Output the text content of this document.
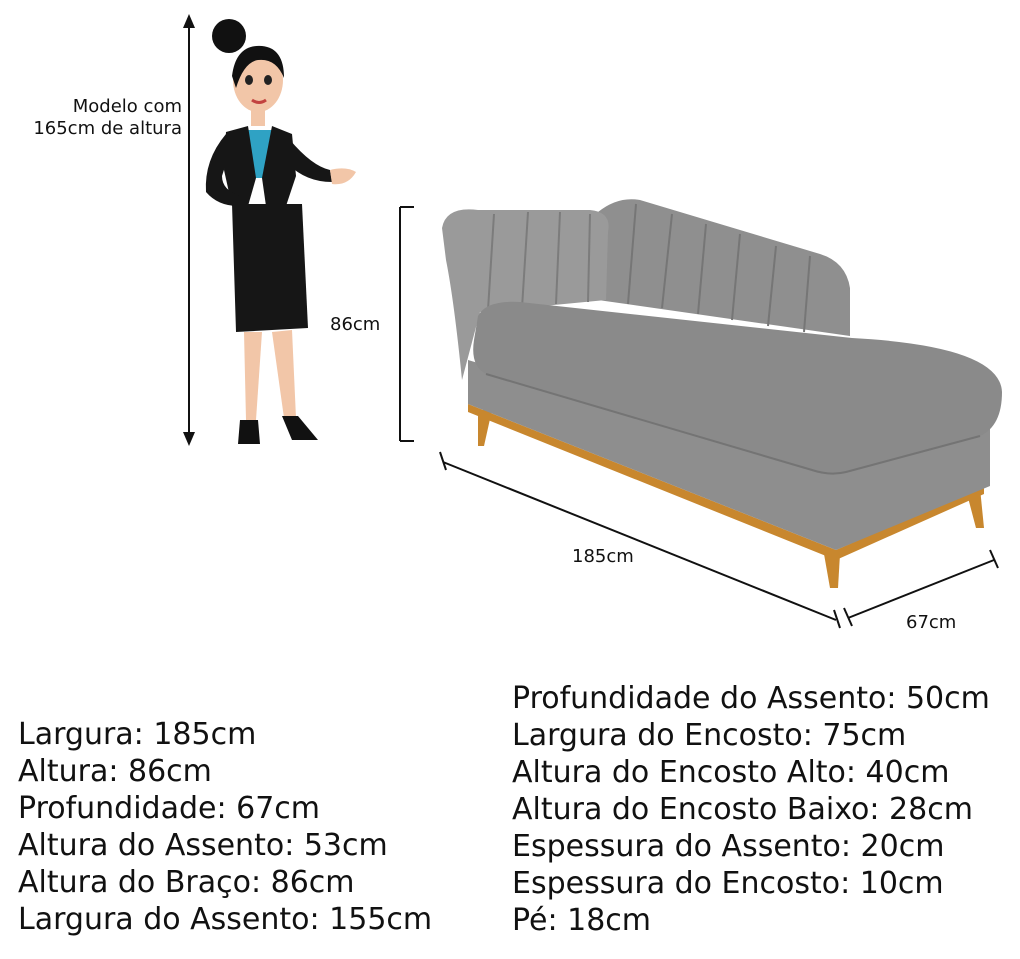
Modelo com
165cm de altura
86cm
185cm
67cm
Largura: 185cm
Altura: 86cm
Profundidade: 67cm
Altura do Assento: 53cm
Altura do Braço: 86cm
Largura do Assento: 155cm
Profundidade do Assento: 50cm
Largura do Encosto: 75cm
Altura do Encosto Alto: 40cm
Altura do Encosto Baixo: 28cm
Espessura do Assento: 20cm
Espessura do Encosto: 10cm
Pé: 18cm
